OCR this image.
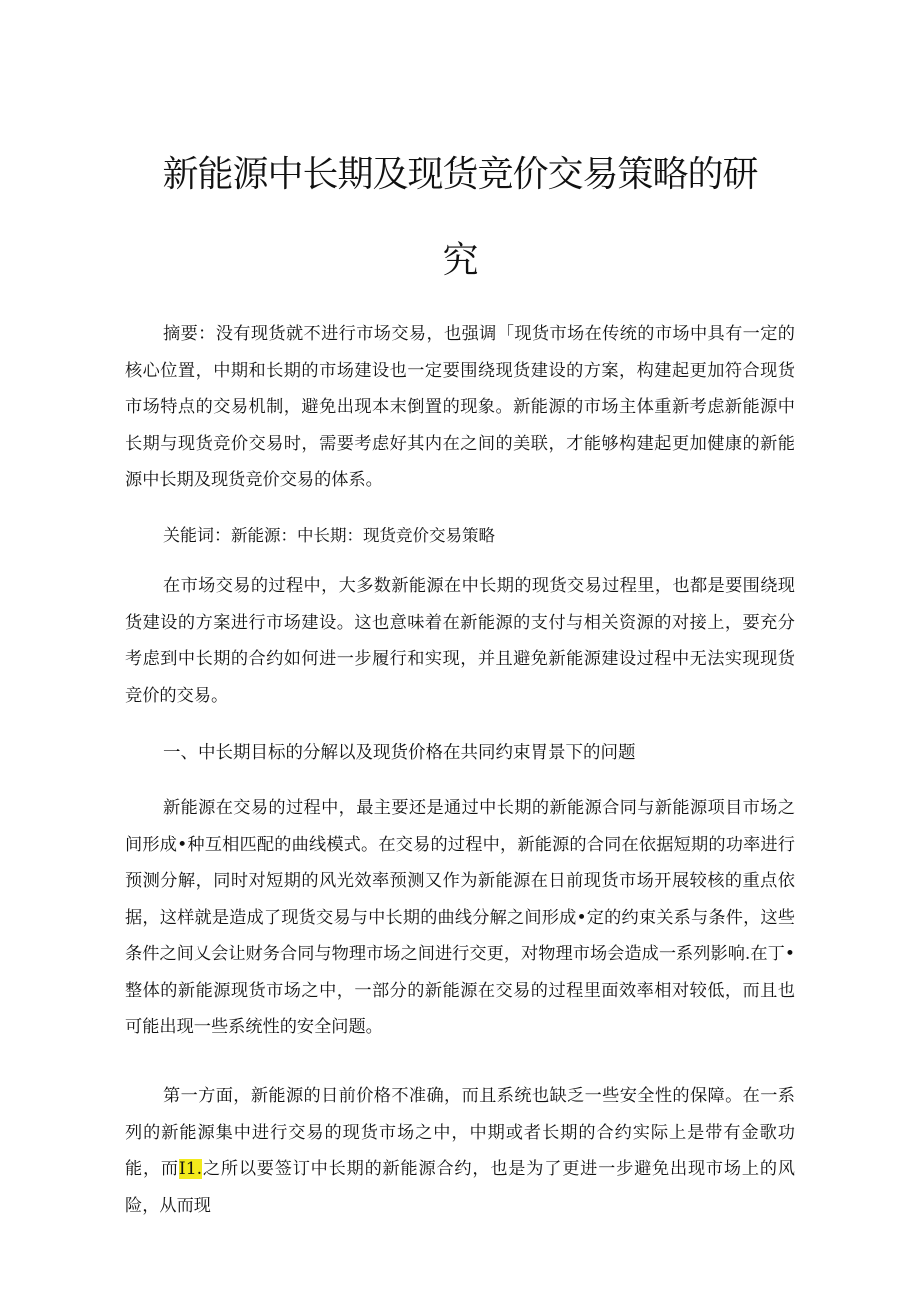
新能源中长期及现货竞价交易策略的研
究

摘要：没有现货就不进行市场交易，也强调「现货市场在传统的市场中具有一定的核心位置，中期和长期的市场建设也一定要围绕现货建设的方案，构建起更加符合现货市场特点的交易机制，避免出现本末倒置的现象。新能源的市场主体重新考虑新能源中长期与现货竞价交易时，需要考虑好其内在之间的美联，才能够构建起更加健康的新能源中长期及现货竞价交易的体系。

关能词：新能源：中长期：现货竞价交易策略

在市场交易的过程中，大多数新能源在中长期的现货交易过程里，也都是要围绕现货建设的方案进行市场建设。这也意味着在新能源的支付与相关资源的对接上，要充分考虑到中长期的合约如何进一步履行和实现，并且避免新能源建设过程中无法实现现货竞价的交易。

一、中长期目标的分解以及现货价格在共同约束胃景下的问题

新能源在交易的过程中，最主要还是通过中长期的新能源合同与新能源项目市场之间形成•种互相匹配的曲线模式。在交易的过程中，新能源的合同在依据短期的功率进行预测分解，同时对短期的风光效率预测又作为新能源在日前现货市场开展较核的重点依据，这样就是造成了现货交易与中长期的曲线分解之间形成•定的约束关系与条件，这些条件之间乂会让财务合同与物理市场之间进行交更，对物理市场会造成一系列影响.在丁•整体的新能源现货市场之中，一部分的新能源在交易的过程里面效率相对较低，而且也可能出现一些系统性的安全问题。

第一方面，新能源的日前价格不准确，而且系统也缺乏一些安全性的保障。在一系列的新能源集中进行交易的现货市场之中，中期或者长期的合约实际上是带有金歌功能，而I1.之所以要签订中长期的新能源合约，也是为了更进一步避免出现市场上的风险，从而现
